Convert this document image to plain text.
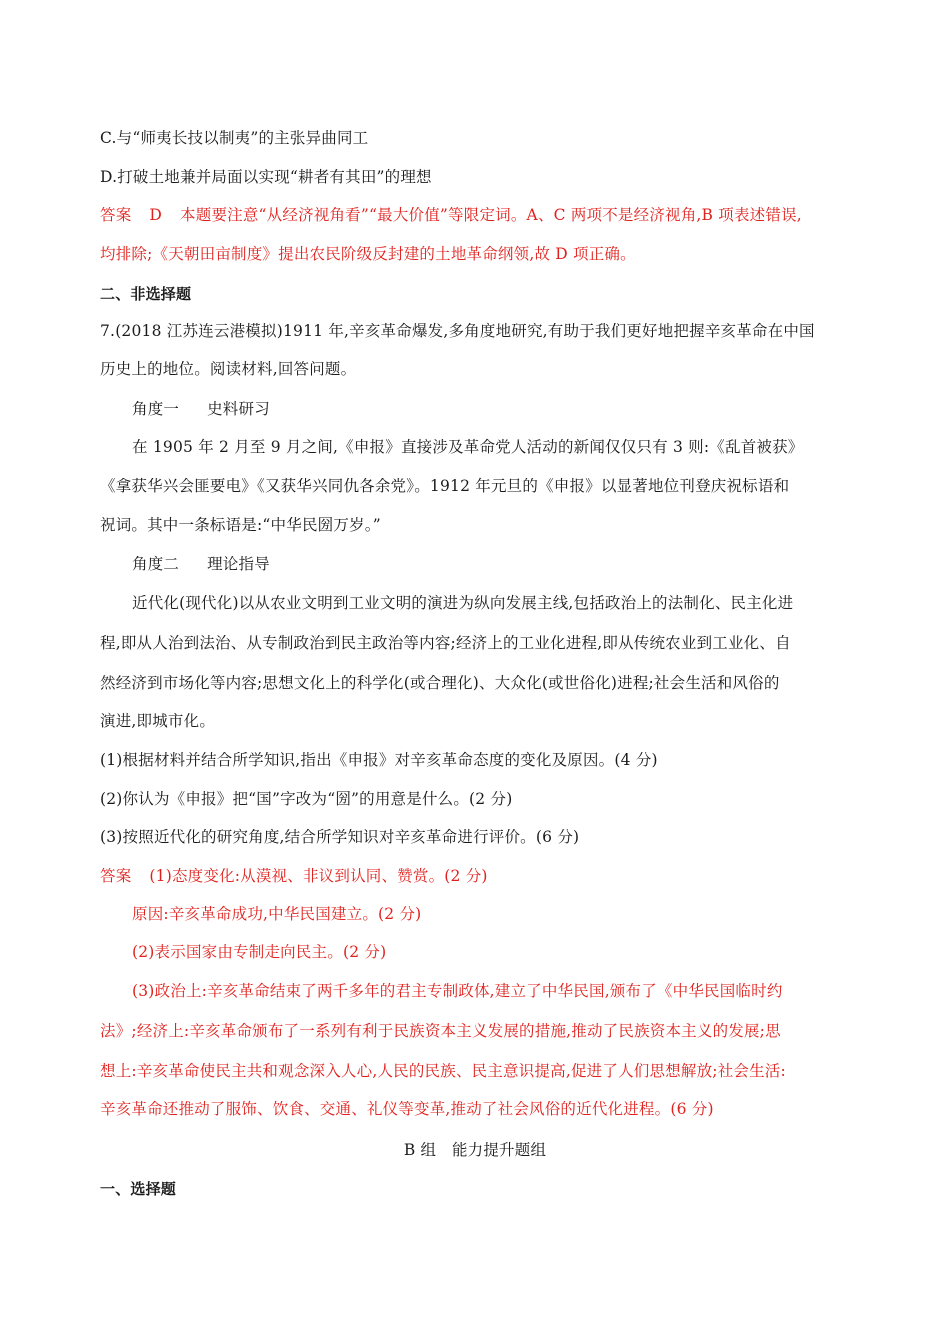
C.与“师夷长技以制夷”的主张异曲同工
D.打破土地兼并局面以实现“耕者有其田”的理想
答案 D 本题要注意“从经济视角看”“最大价值”等限定词。A、C 两项不是经济视角,B 项表述错误,
均排除;《天朝田亩制度》提出农民阶级反封建的土地革命纲领,故 D 项正确。
二、非选择题
7.(2018 江苏连云港模拟)1911 年,辛亥革命爆发,多角度地研究,有助于我们更好地把握辛亥革命在中国
历史上的地位。阅读材料,回答问题。
角度一 史料研习
在 1905 年 2 月至 9 月之间,《申报》直接涉及革命党人活动的新闻仅仅只有 3 则:《乱首被获》
《拿获华兴会匪要电》《又获华兴同仇各余党》。1912 年元旦的《申报》以显著地位刊登庆祝标语和
祝词。其中一条标语是:“中华民圀万岁。”
角度二 理论指导
近代化(现代化)以从农业文明到工业文明的演进为纵向发展主线,包括政治上的法制化、民主化进
程,即从人治到法治、从专制政治到民主政治等内容;经济上的工业化进程,即从传统农业到工业化、自
然经济到市场化等内容;思想文化上的科学化(或合理化)、大众化(或世俗化)进程;社会生活和风俗的
演进,即城市化。
(1)根据材料并结合所学知识,指出《申报》对辛亥革命态度的变化及原因。(4 分)
(2)你认为《申报》把“国”字改为“圀”的用意是什么。(2 分)
(3)按照近代化的研究角度,结合所学知识对辛亥革命进行评价。(6 分)
答案 (1)态度变化:从漠视、非议到认同、赞赏。(2 分)
原因:辛亥革命成功,中华民国建立。(2 分)
(2)表示国家由专制走向民主。(2 分)
(3)政治上:辛亥革命结束了两千多年的君主专制政体,建立了中华民国,颁布了《中华民国临时约
法》;经济上:辛亥革命颁布了一系列有利于民族资本主义发展的措施,推动了民族资本主义的发展;思
想上:辛亥革命使民主共和观念深入人心,人民的民族、民主意识提高,促进了人们思想解放;社会生活:
辛亥革命还推动了服饰、饮食、交通、礼仪等变革,推动了社会风俗的近代化进程。(6 分)
B 组　能力提升题组
一、选择题
